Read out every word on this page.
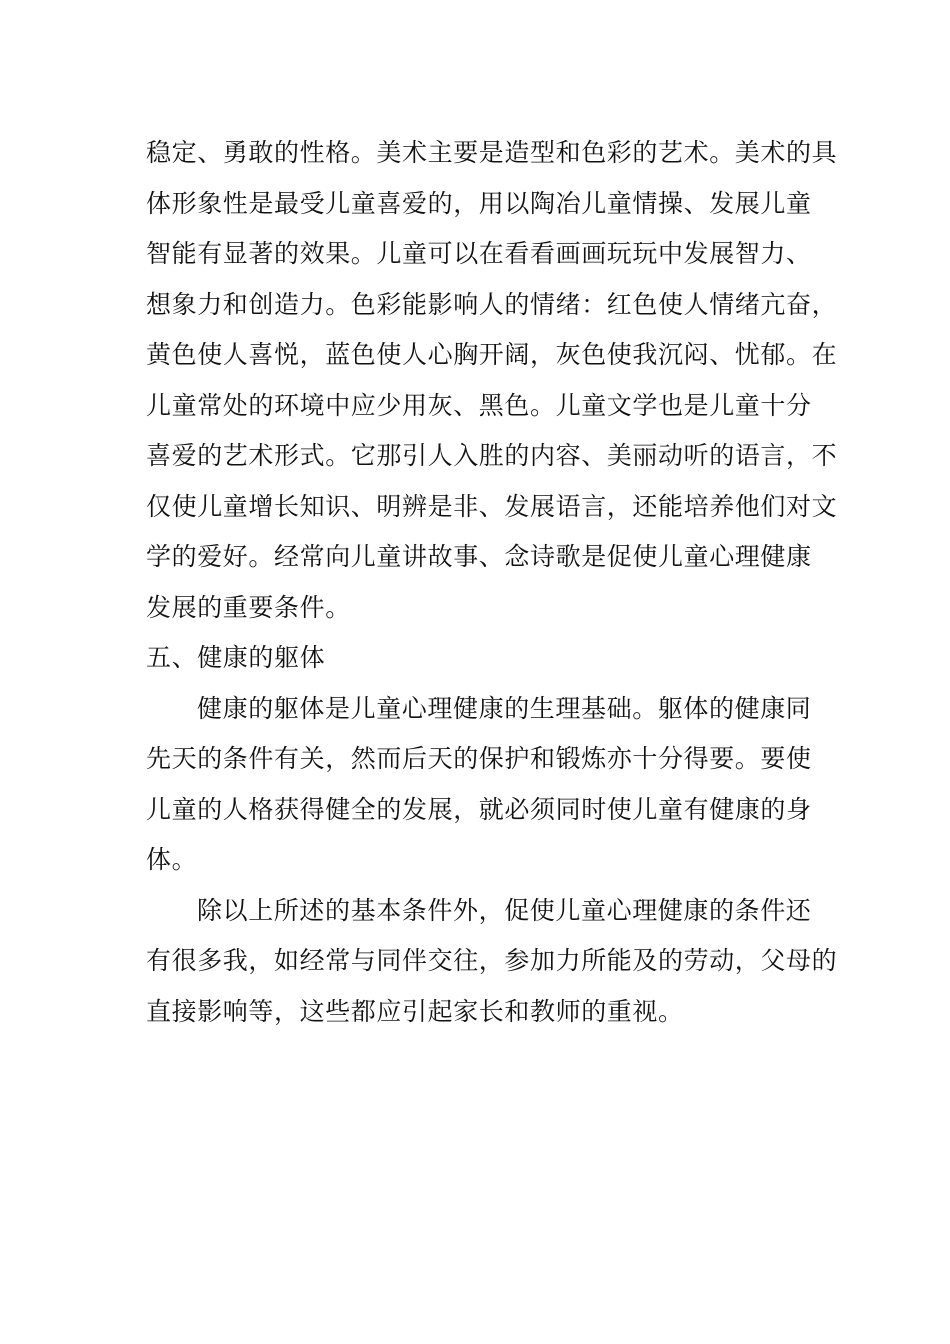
稳定、勇敢的性格。美术主要是造型和色彩的艺术。美术的具
体形象性是最受儿童喜爱的，用以陶冶儿童情操、发展儿童
智能有显著的效果。儿童可以在看看画画玩玩中发展智力、
想象力和创造力。色彩能影响人的情绪：红色使人情绪亢奋，
黄色使人喜悦，蓝色使人心胸开阔，灰色使我沉闷、忧郁。在
儿童常处的环境中应少用灰、黑色。儿童文学也是儿童十分
喜爱的艺术形式。它那引人入胜的内容、美丽动听的语言，不
仅使儿童增长知识、明辨是非、发展语言，还能培养他们对文
学的爱好。经常向儿童讲故事、念诗歌是促使儿童心理健康
发展的重要条件。
五、健康的躯体
健康的躯体是儿童心理健康的生理基础。躯体的健康同
先天的条件有关，然而后天的保护和锻炼亦十分得要。要使
儿童的人格获得健全的发展，就必须同时使儿童有健康的身
体。
除以上所述的基本条件外，促使儿童心理健康的条件还
有很多我，如经常与同伴交往，参加力所能及的劳动，父母的
直接影响等，这些都应引起家长和教师的重视。
